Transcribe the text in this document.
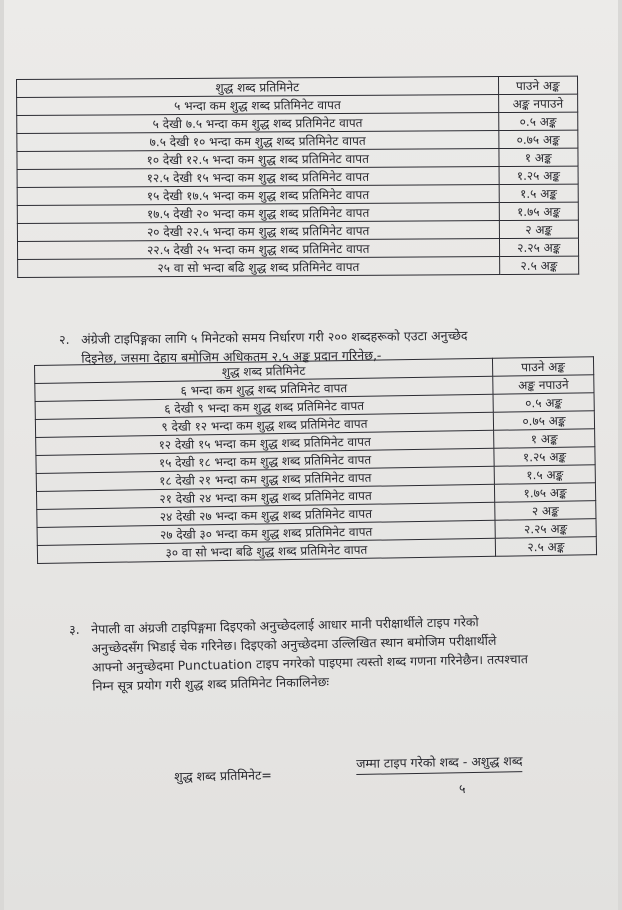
शुद्ध शब्द प्रतिमिनेट	पाउने अङ्क
५ भन्दा कम शुद्ध शब्द प्रतिमिनेट वापत	अङ्क नपाउने
५ देखी ७.५ भन्दा कम शुद्ध शब्द प्रतिमिनेट वापत	०.५ अङ्क
७.५ देखी १० भन्दा कम शुद्ध शब्द प्रतिमिनेट वापत	०.७५ अङ्क
१० देखी १२.५ भन्दा कम शुद्ध शब्द प्रतिमिनेट वापत	१ अङ्क
१२.५ देखी १५ भन्दा कम शुद्ध शब्द प्रतिमिनेट वापत	१.२५ अङ्क
१५ देखी १७.५ भन्दा कम शुद्ध शब्द प्रतिमिनेट वापत	१.५ अङ्क
१७.५ देखी २० भन्दा कम शुद्ध शब्द प्रतिमिनेट वापत	१.७५ अङ्क
२० देखी २२.५ भन्दा कम शुद्ध शब्द प्रतिमिनेट वापत	२ अङ्क
२२.५ देखी २५ भन्दा कम शुद्ध शब्द प्रतिमिनेट वापत	२.२५ अङ्क
२५ वा सो भन्दा बढि शुद्ध शब्द प्रतिमिनेट वापत	२.५ अङ्क
२. अंग्रेजी टाइपिङ्गका लागि ५ मिनेटको समय निर्धारण गरी २०० शब्दहरूको एउटा अनुच्छेद
दिइनेछ, जसमा देहाय बमोजिम अधिकतम २.५ अङ्क प्रदान गरिनेछ,-
शुद्ध शब्द प्रतिमिनेट	पाउने अङ्क
६ भन्दा कम शुद्ध शब्द प्रतिमिनेट वापत	अङ्क नपाउने
६ देखी ९ भन्दा कम शुद्ध शब्द प्रतिमिनेट वापत	०.५ अङ्क
९ देखी १२ भन्दा कम शुद्ध शब्द प्रतिमिनेट वापत	०.७५ अङ्क
१२ देखी १५ भन्दा कम शुद्ध शब्द प्रतिमिनेट वापत	१ अङ्क
१५ देखी १८ भन्दा कम शुद्ध शब्द प्रतिमिनेट वापत	१.२५ अङ्क
१८ देखी २१ भन्दा कम शुद्ध शब्द प्रतिमिनेट वापत	१.५ अङ्क
२१ देखी २४ भन्दा कम शुद्ध शब्द प्रतिमिनेट वापत	१.७५ अङ्क
२४ देखी २७ भन्दा कम शुद्ध शब्द प्रतिमिनेट वापत	२ अङ्क
२७ देखी ३० भन्दा कम शुद्ध शब्द प्रतिमिनेट वापत	२.२५ अङ्क
३० वा सो भन्दा बढि शुद्ध शब्द प्रतिमिनेट वापत	२.५ अङ्क
३. नेपाली वा अंग्रजी टाइपिङ्गमा दिइएको अनुच्छेदलाई आधार मानी परीक्षार्थीले टाइप गरेको
अनुच्छेदसँग भिडाई चेक गरिनेछ। दिइएको अनुच्छेदमा उल्लिखित स्थान बमोजिम परीक्षार्थीले
आफ्नो अनुच्छेदमा Punctuation टाइप नगरेको पाइएमा त्यस्तो शब्द गणना गरिनेछैन। तत्पश्चात
निम्न सूत्र प्रयोग गरी शुद्ध शब्द प्रतिमिनेट निकालिनेछः
शुद्ध शब्द प्रतिमिनेट=
जम्मा टाइप गरेको शब्द - अशुद्ध शब्द
५
